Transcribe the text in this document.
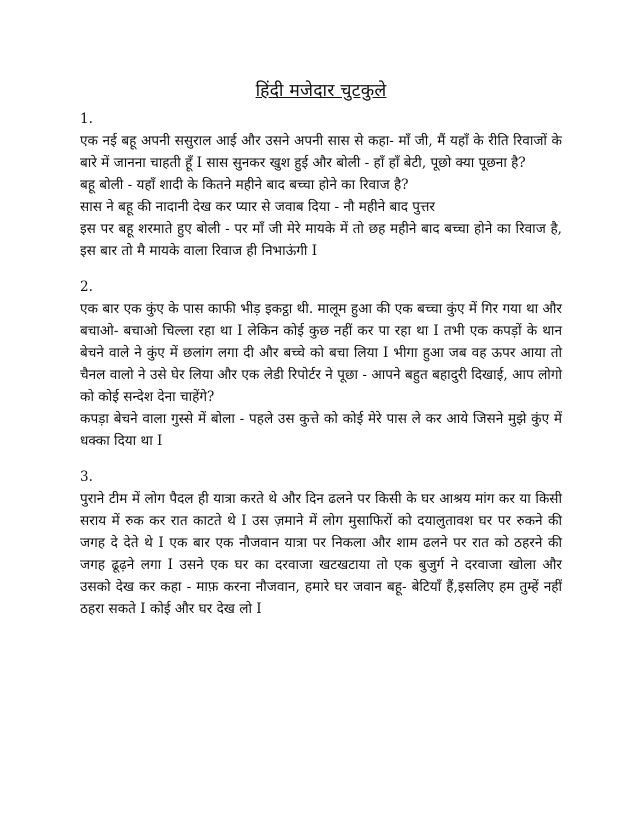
हिंदी मजेदार चुटकुले
1.

एक नई बहू अपनी ससुराल आई और उसने अपनी सास से कहा- माँ जी, मैं यहाँ के रीति रिवाजों के बारे में जानना चाहती हूँ I सास सुनकर खुश हुई और बोली - हाँ हाँ बेटी, पूछो क्या पूछना है?

बहू बोली - यहाँ शादी के कितने महीने बाद बच्चा होने का रिवाज है?

सास ने बहू की नादानी देख कर प्यार से जवाब दिया - नौ महीने बाद पुत्तर

इस पर बहू शरमाते हुए बोली - पर माँ जी मेरे मायके में तो छह महीने बाद बच्चा होने का रिवाज है, इस बार तो मै मायके वाला रिवाज ही निभाऊंगी I

2.

एक बार एक कुंए के पास काफी भीड़ इकट्ठा थी. मालूम हुआ की एक बच्चा कुंए में गिर गया था और बचाओ- बचाओ चिल्ला रहा था I लेकिन कोई कुछ नहीं कर पा रहा था I तभी एक कपड़ों के थान बेचने वाले ने कुंए में छलांग लगा दी और बच्चे को बचा लिया I भीगा हुआ जब वह ऊपर आया तो चैनल वालो ने उसे घेर लिया और एक लेडी रिपोर्टर ने पूछा - आपने बहुत बहादुरी दिखाई, आप लोगो को कोई सन्देश देना चाहेंगे?

कपड़ा बेचने वाला गुस्से में बोला - पहले उस कुत्ते को कोई मेरे पास ले कर आये जिसने मुझे कुंए में धक्का दिया था I

3.

पुराने टीम में लोग पैदल ही यात्रा करते थे और दिन ढलने पर किसी के घर आश्रय मांग कर या किसी सराय में रुक कर रात काटते थे I उस ज़माने में लोग मुसाफिरों को दयालुतावश घर पर रुकने की जगह दे देते थे I एक बार एक नौजवान यात्रा पर निकला और शाम ढलने पर रात को ठहरने की जगह ढूढ़ने लगा I उसने एक घर का दरवाजा खटखटाया तो एक बुजुर्ग ने दरवाजा खोला और उसको देख कर कहा - माफ़ करना नौजवान, हमारे घर जवान बहू- बेटियाँ हैं,इसलिए हम तुम्हें नहीं ठहरा सकते I कोई और घर देख लो I
